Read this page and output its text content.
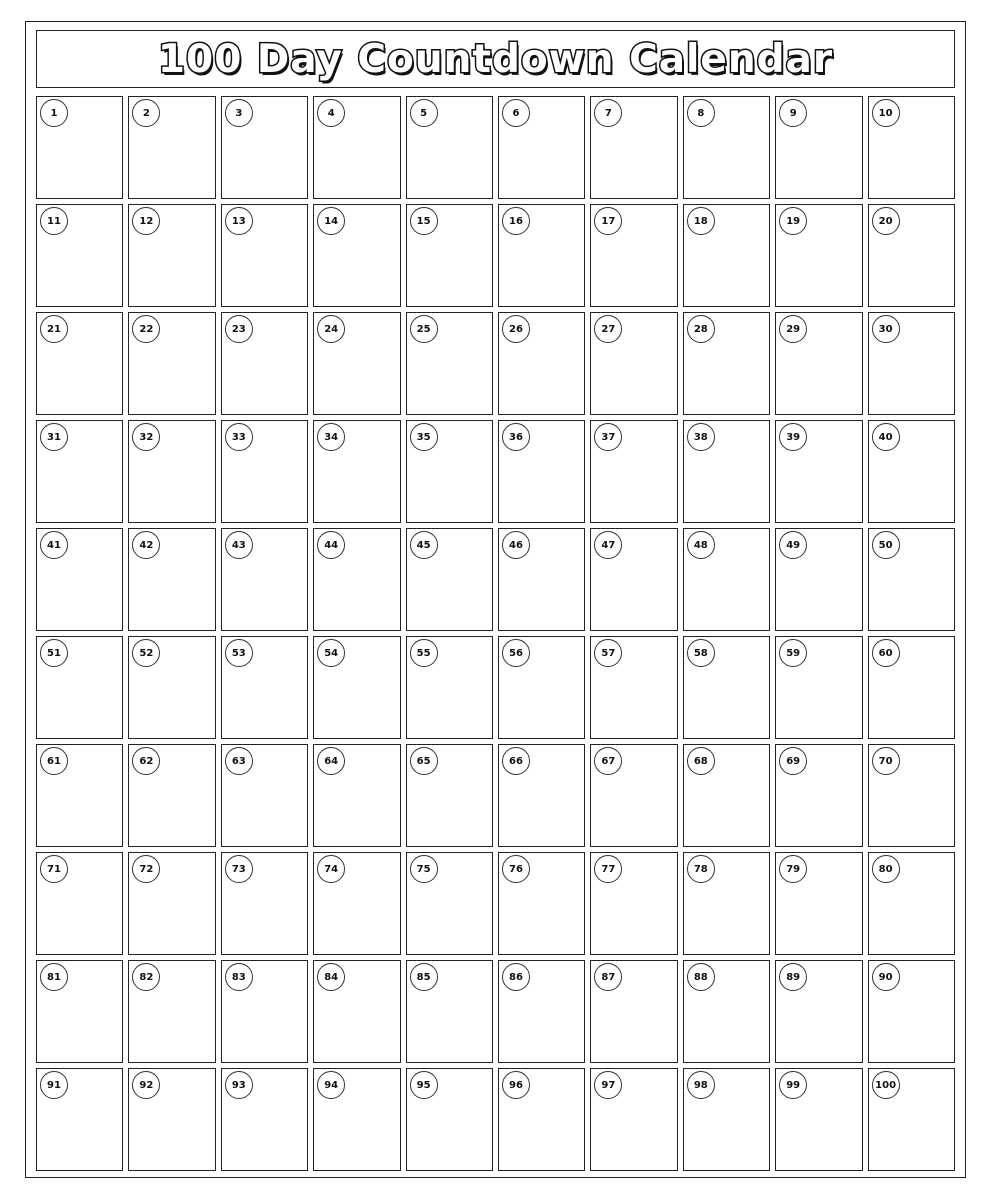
100 Day Countdown Calendar
1	2	3	4	5	6	7	8	9	10
11	12	13	14	15	16	17	18	19	20
21	22	23	24	25	26	27	28	29	30
31	32	33	34	35	36	37	38	39	40
41	42	43	44	45	46	47	48	49	50
51	52	53	54	55	56	57	58	59	60
61	62	63	64	65	66	67	68	69	70
71	72	73	74	75	76	77	78	79	80
81	82	83	84	85	86	87	88	89	90
91	92	93	94	95	96	97	98	99	100
